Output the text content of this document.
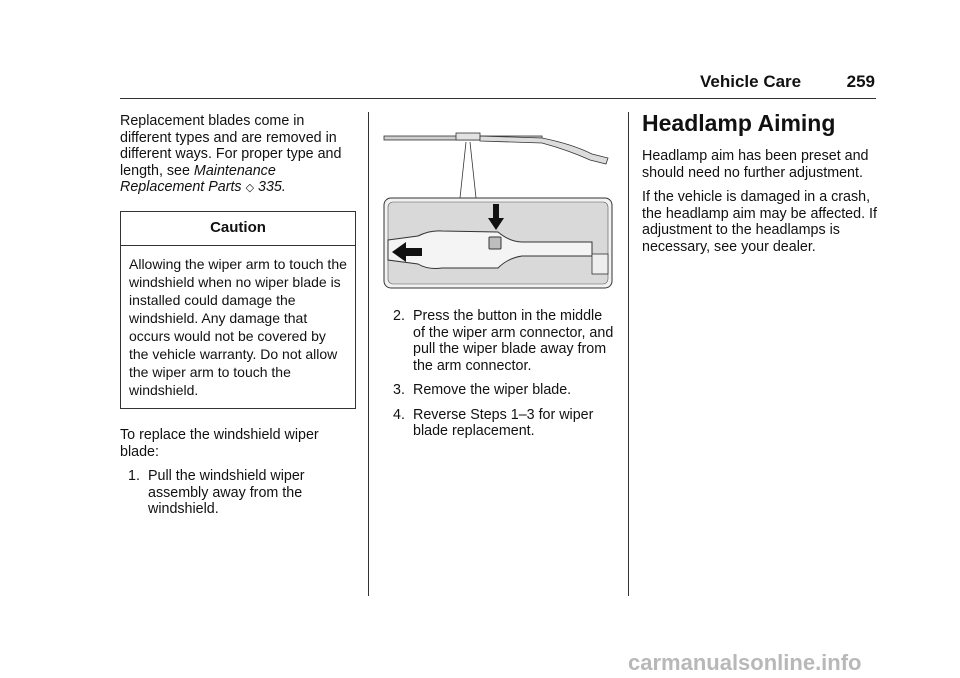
Vehicle Care	259

Replacement blades come in different types and are removed in different ways. For proper type and length, see Maintenance Replacement Parts ◇ 335.

Caution
Allowing the wiper arm to touch the windshield when no wiper blade is installed could damage the windshield. Any damage that occurs would not be covered by the vehicle warranty. Do not allow the wiper arm to touch the windshield.

To replace the windshield wiper blade:

1. Pull the windshield wiper assembly away from the windshield.
2. Press the button in the middle of the wiper arm connector, and pull the wiper blade away from the arm connector.
3. Remove the wiper blade.
4. Reverse Steps 1–3 for wiper blade replacement.
Headlamp Aiming

Headlamp aim has been preset and should need no further adjustment.

If the vehicle is damaged in a crash, the headlamp aim may be affected. If adjustment to the headlamps is necessary, see your dealer.

carmanualsonline.info
